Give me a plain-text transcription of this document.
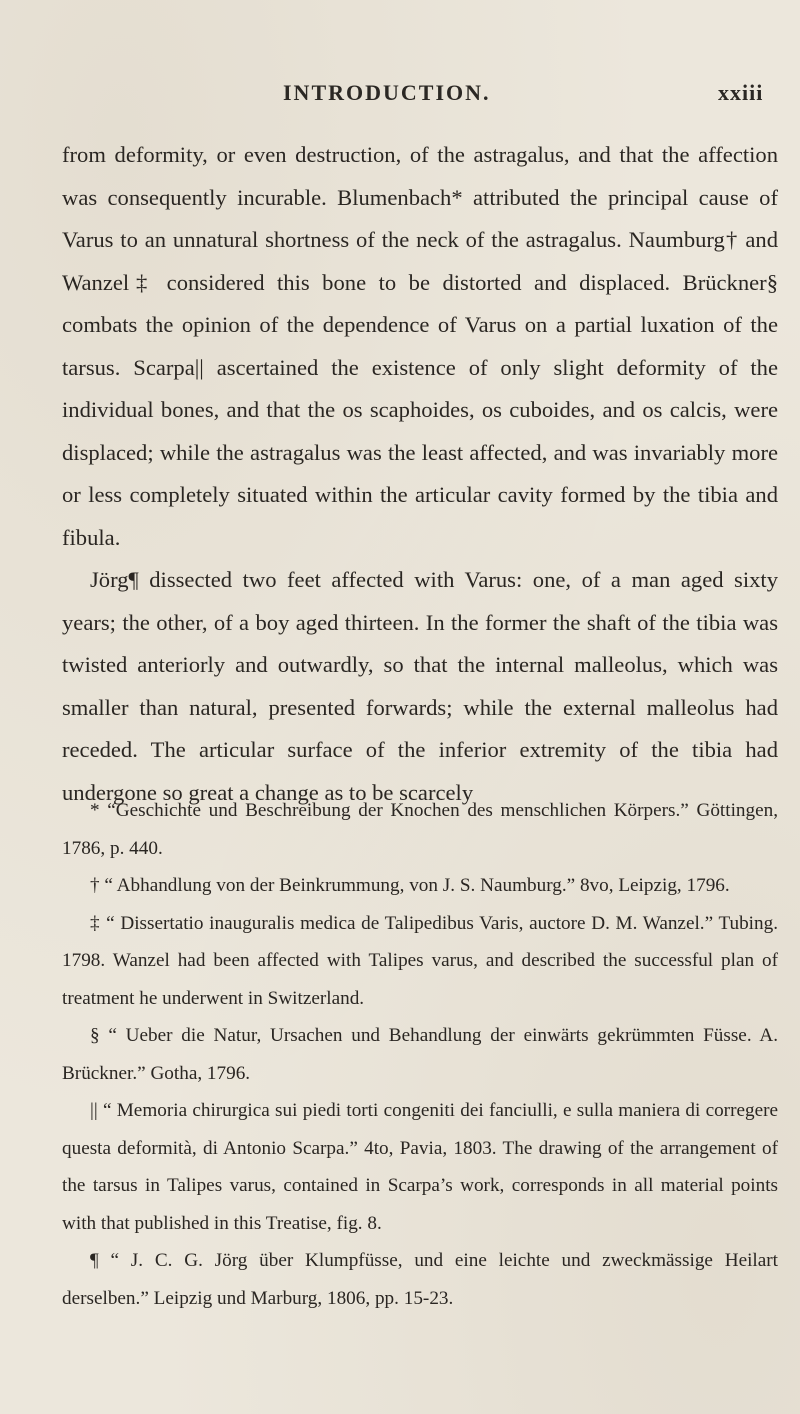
INTRODUCTION.	xxiii

from deformity, or even destruction, of the astragalus, and that the affection was consequently incurable. Blumenbach* attributed the principal cause of Varus to an unnatural shortness of the neck of the astragalus. Naumburg† and Wanzel‡ considered this bone to be distorted and displaced. Brückner§ combats the opinion of the dependence of Varus on a partial luxation of the tarsus. Scarpa|| ascertained the existence of only slight deformity of the individual bones, and that the os scaphoides, os cuboides, and os calcis, were displaced; while the astragalus was the least affected, and was invariably more or less completely situated within the articular cavity formed by the tibia and fibula.

Jörg¶ dissected two feet affected with Varus: one, of a man aged sixty years; the other, of a boy aged thirteen. In the former the shaft of the tibia was twisted anteriorly and outwardly, so that the internal malleolus, which was smaller than natural, presented forwards; while the external malleolus had receded. The articular surface of the inferior extremity of the tibia had undergone so great a change as to be scarcely

* “Geschichte und Beschreibung der Knochen des menschlichen Körpers.” Göttingen, 1786, p. 440.

† “ Abhandlung von der Beinkrummung, von J. S. Naumburg.” 8vo, Leipzig, 1796.

‡ “ Dissertatio inauguralis medica de Talipedibus Varis, auctore D. M. Wanzel.” Tubing. 1798. Wanzel had been affected with Talipes varus, and described the successful plan of treatment he underwent in Switzerland.

§ “ Ueber die Natur, Ursachen und Behandlung der einwärts gekrümmten Füsse. A. Brückner.” Gotha, 1796.

|| “ Memoria chirurgica sui piedi torti congeniti dei fanciulli, e sulla maniera di corregere questa deformità, di Antonio Scarpa.” 4to, Pavia, 1803. The drawing of the arrangement of the tarsus in Talipes varus, contained in Scarpa’s work, corresponds in all material points with that published in this Treatise, fig. 8.

¶ “ J. C. G. Jörg über Klumpfüsse, und eine leichte und zweckmässige Heilart derselben.” Leipzig und Marburg, 1806, pp. 15-23.
